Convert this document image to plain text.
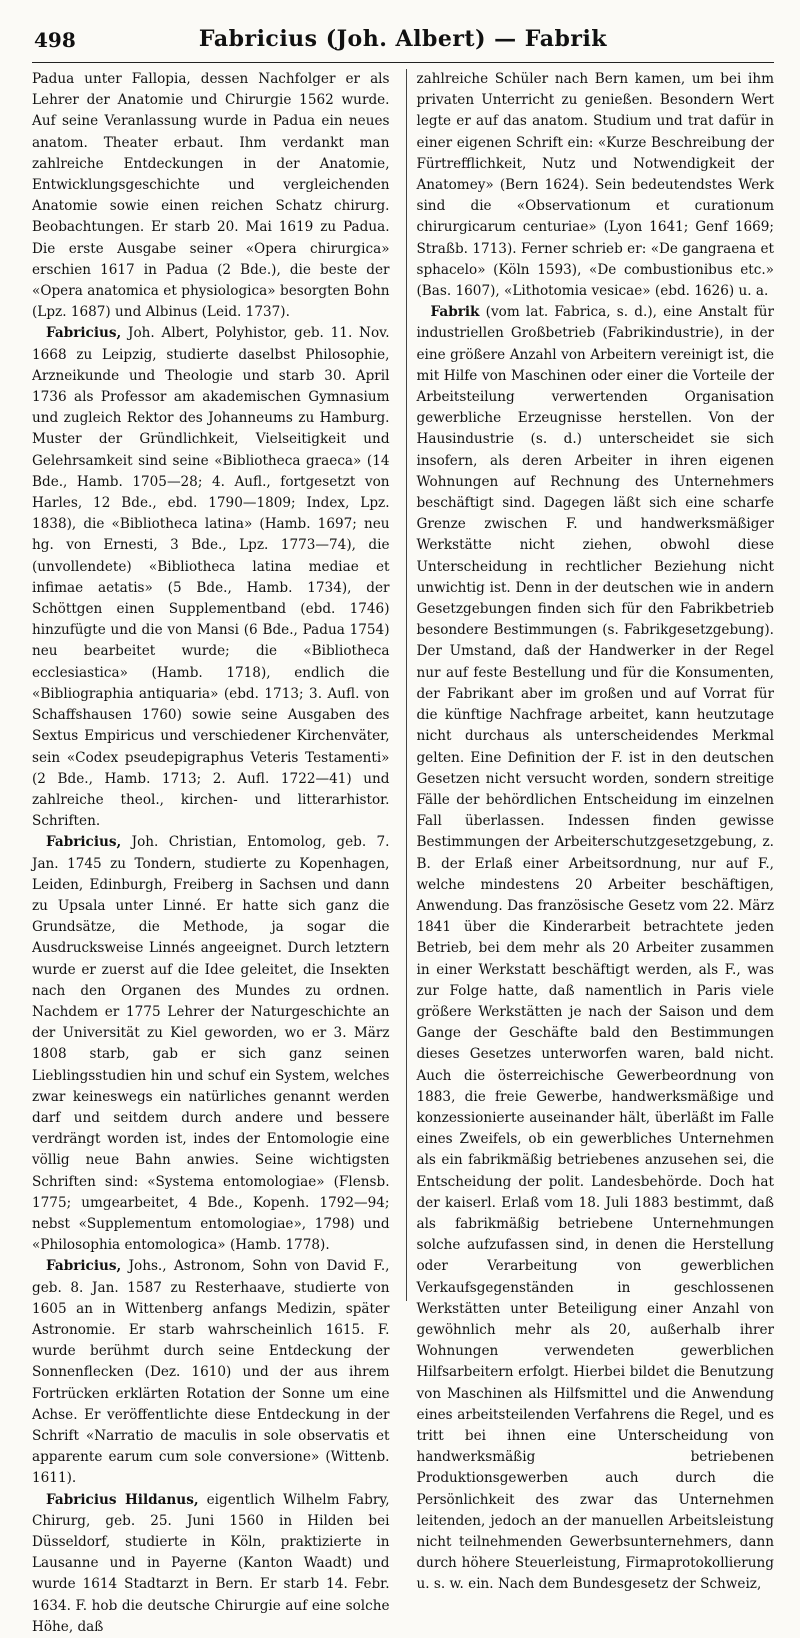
498	Fabricius (Joh. Albert) — Fabrik

Padua unter Fallopia, dessen Nachfolger er als Lehrer der Anatomie und Chirurgie 1562 wurde. Auf seine Veranlassung wurde in Padua ein neues anatom. Theater erbaut. Ihm verdankt man zahlreiche Entdeckungen in der Anatomie, Entwicklungsgeschichte und vergleichenden Anatomie sowie einen reichen Schatz chirurg. Beobachtungen. Er starb 20. Mai 1619 zu Padua. Die erste Ausgabe seiner «Opera chirurgica» erschien 1617 in Padua (2 Bde.), die beste der «Opera anatomica et physiologica» besorgten Bohn (Lpz. 1687) und Albinus (Leid. 1737).

Fabricius, Joh. Albert, Polyhistor, geb. 11. Nov. 1668 zu Leipzig, studierte daselbst Philosophie, Arzneikunde und Theologie und starb 30. April 1736 als Professor am akademischen Gymnasium und zugleich Rektor des Johanneums zu Hamburg. Muster der Gründlichkeit, Vielseitigkeit und Gelehrsamkeit sind seine «Bibliotheca graeca» (14 Bde., Hamb. 1705—28; 4. Aufl., fortgesetzt von Harles, 12 Bde., ebd. 1790—1809; Index, Lpz. 1838), die «Bibliotheca latina» (Hamb. 1697; neu hg. von Ernesti, 3 Bde., Lpz. 1773—74), die (unvollendete) «Bibliotheca latina mediae et infimae aetatis» (5 Bde., Hamb. 1734), der Schöttgen einen Supplementband (ebd. 1746) hinzufügte und die von Mansi (6 Bde., Padua 1754) neu bearbeitet wurde; die «Bibliotheca ecclesiastica» (Hamb. 1718), endlich die «Bibliographia antiquaria» (ebd. 1713; 3. Aufl. von Schaffshausen 1760) sowie seine Ausgaben des Sextus Empiricus und verschiedener Kirchenväter, sein «Codex pseudepigraphus Veteris Testamenti» (2 Bde., Hamb. 1713; 2. Aufl. 1722—41) und zahlreiche theol., kirchen- und litterarhistor. Schriften.

Fabricius, Joh. Christian, Entomolog, geb. 7. Jan. 1745 zu Tondern, studierte zu Kopenhagen, Leiden, Edinburgh, Freiberg in Sachsen und dann zu Upsala unter Linné. Er hatte sich ganz die Grundsätze, die Methode, ja sogar die Ausdrucksweise Linnés angeeignet. Durch letztern wurde er zuerst auf die Idee geleitet, die Insekten nach den Organen des Mundes zu ordnen. Nachdem er 1775 Lehrer der Naturgeschichte an der Universität zu Kiel geworden, wo er 3. März 1808 starb, gab er sich ganz seinen Lieblingsstudien hin und schuf ein System, welches zwar keineswegs ein natürliches genannt werden darf und seitdem durch andere und bessere verdrängt worden ist, indes der Entomologie eine völlig neue Bahn anwies. Seine wichtigsten Schriften sind: «Systema entomologiae» (Flensb. 1775; umgearbeitet, 4 Bde., Kopenh. 1792—94; nebst «Supplementum entomologiae», 1798) und «Philosophia entomologica» (Hamb. 1778).

Fabricius, Johs., Astronom, Sohn von David F., geb. 8. Jan. 1587 zu Resterhaave, studierte von 1605 an in Wittenberg anfangs Medizin, später Astronomie. Er starb wahrscheinlich 1615. F. wurde berühmt durch seine Entdeckung der Sonnenflecken (Dez. 1610) und der aus ihrem Fortrücken erklärten Rotation der Sonne um eine Achse. Er veröffentlichte diese Entdeckung in der Schrift «Narratio de maculis in sole observatis et apparente earum cum sole conversione» (Wittenb. 1611).

Fabricius Hildanus, eigentlich Wilhelm Fabry, Chirurg, geb. 25. Juni 1560 in Hilden bei Düsseldorf, studierte in Köln, praktizierte in Lausanne und in Payerne (Kanton Waadt) und wurde 1614 Stadtarzt in Bern. Er starb 14. Febr. 1634. F. hob die deutsche Chirurgie auf eine solche Höhe, daß

zahlreiche Schüler nach Bern kamen, um bei ihm privaten Unterricht zu genießen. Besondern Wert legte er auf das anatom. Studium und trat dafür in einer eigenen Schrift ein: «Kurze Beschreibung der Fürtrefflichkeit, Nutz und Notwendigkeit der Anatomey» (Bern 1624). Sein bedeutendstes Werk sind die «Observationum et curationum chirurgicarum centuriae» (Lyon 1641; Genf 1669; Straßb. 1713). Ferner schrieb er: «De gangraena et sphacelo» (Köln 1593), «De combustionibus etc.» (Bas. 1607), «Lithotomia vesicae» (ebd. 1626) u. a.

Fabrik (vom lat. Fabrica, s. d.), eine Anstalt für industriellen Großbetrieb (Fabrikindustrie), in der eine größere Anzahl von Arbeitern vereinigt ist, die mit Hilfe von Maschinen oder einer die Vorteile der Arbeitsteilung verwertenden Organisation gewerbliche Erzeugnisse herstellen. Von der Hausindustrie (s. d.) unterscheidet sie sich insofern, als deren Arbeiter in ihren eigenen Wohnungen auf Rechnung des Unternehmers beschäftigt sind. Dagegen läßt sich eine scharfe Grenze zwischen F. und handwerksmäßiger Werkstätte nicht ziehen, obwohl diese Unterscheidung in rechtlicher Beziehung nicht unwichtig ist. Denn in der deutschen wie in andern Gesetzgebungen finden sich für den Fabrikbetrieb besondere Bestimmungen (s. Fabrikgesetzgebung). Der Umstand, daß der Handwerker in der Regel nur auf feste Bestellung und für die Konsumenten, der Fabrikant aber im großen und auf Vorrat für die künftige Nachfrage arbeitet, kann heutzutage nicht durchaus als unterscheidendes Merkmal gelten. Eine Definition der F. ist in den deutschen Gesetzen nicht versucht worden, sondern streitige Fälle der behördlichen Entscheidung im einzelnen Fall überlassen. Indessen finden gewisse Bestimmungen der Arbeiterschutzgesetzgebung, z. B. der Erlaß einer Arbeitsordnung, nur auf F., welche mindestens 20 Arbeiter beschäftigen, Anwendung. Das französische Gesetz vom 22. März 1841 über die Kinderarbeit betrachtete jeden Betrieb, bei dem mehr als 20 Arbeiter zusammen in einer Werkstatt beschäftigt werden, als F., was zur Folge hatte, daß namentlich in Paris viele größere Werkstätten je nach der Saison und dem Gange der Geschäfte bald den Bestimmungen dieses Gesetzes unterworfen waren, bald nicht. Auch die österreichische Gewerbeordnung von 1883, die freie Gewerbe, handwerksmäßige und konzessionierte auseinander hält, überläßt im Falle eines Zweifels, ob ein gewerbliches Unternehmen als ein fabrikmäßig betriebenes anzusehen sei, die Entscheidung der polit. Landesbehörde. Doch hat der kaiserl. Erlaß vom 18. Juli 1883 bestimmt, daß als fabrikmäßig betriebene Unternehmungen solche aufzufassen sind, in denen die Herstellung oder Verarbeitung von gewerblichen Verkaufsgegenständen in geschlossenen Werkstätten unter Beteiligung einer Anzahl von gewöhnlich mehr als 20, außerhalb ihrer Wohnungen verwendeten gewerblichen Hilfsarbeitern erfolgt. Hierbei bildet die Benutzung von Maschinen als Hilfsmittel und die Anwendung eines arbeitsteilenden Verfahrens die Regel, und es tritt bei ihnen eine Unterscheidung von handwerksmäßig betriebenen Produktionsgewerben auch durch die Persönlichkeit des zwar das Unternehmen leitenden, jedoch an der manuellen Arbeitsleistung nicht teilnehmenden Gewerbsunternehmers, dann durch höhere Steuerleistung, Firmaprotokollierung u. s. w. ein. Nach dem Bundesgesetz der Schweiz,
